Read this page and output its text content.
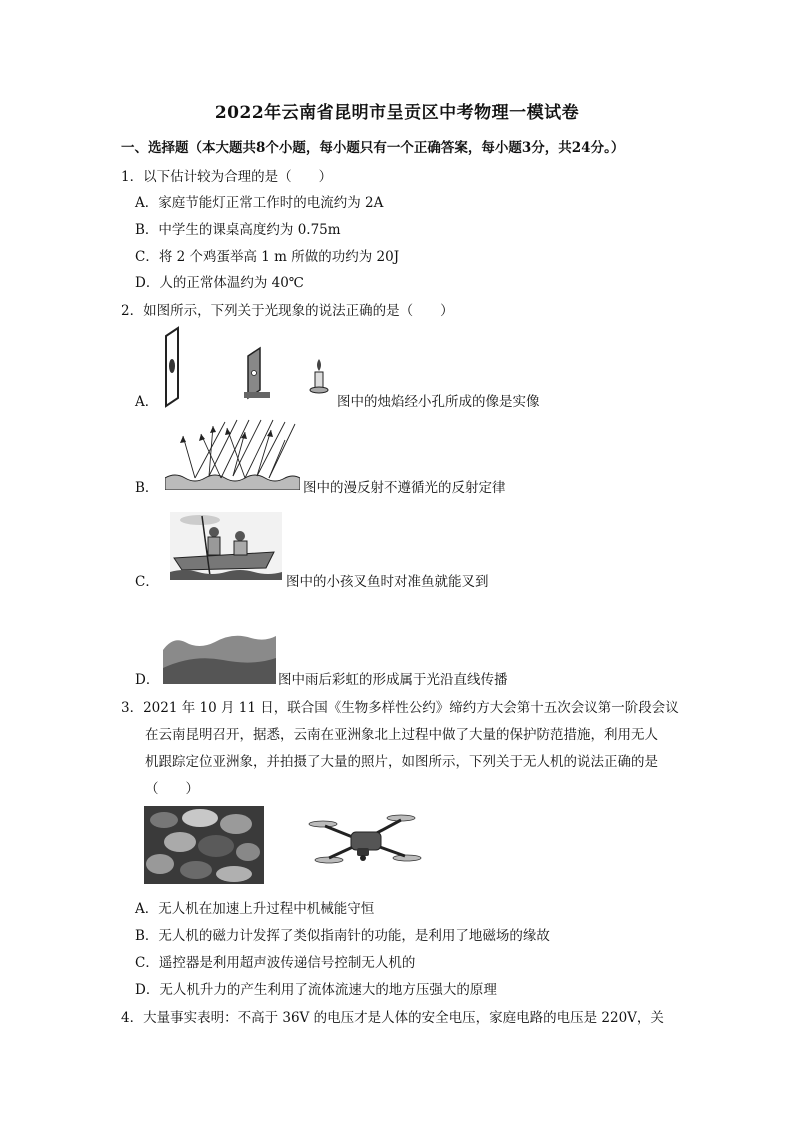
2022年云南省昆明市呈贡区中考物理一模试卷
一、选择题（本大题共8个小题，每小题只有一个正确答案，每小题3分，共24分。）
1．以下估计较为合理的是（　　）
A．家庭节能灯正常工作时的电流约为 2A
B．中学生的课桌高度约为 0.75m
C．将 2 个鸡蛋举高 1 m 所做的功约为 20J
D．人的正常体温约为 40℃
2．如图所示，下列关于光现象的说法正确的是（　　）
A．	图中的烛焰经小孔所成的像是实像
B．	图中的漫反射不遵循光的反射定律
C．	图中的小孩叉鱼时对准鱼就能叉到
D．	图中雨后彩虹的形成属于光沿直线传播
3．2021 年 10 月 11 日，联合国《生物多样性公约》缔约方大会第十五次会议第一阶段会议
在云南昆明召开，据悉，云南在亚洲象北上过程中做了大量的保护防范措施，利用无人
机跟踪定位亚洲象，并拍摄了大量的照片，如图所示，下列关于无人机的说法正确的是
（　　）
A．无人机在加速上升过程中机械能守恒
B．无人机的磁力计发挥了类似指南针的功能，是利用了地磁场的缘故
C．遥控器是利用超声波传递信号控制无人机的
D．无人机升力的产生利用了流体流速大的地方压强大的原理
4．大量事实表明：不高于 36V 的电压才是人体的安全电压，家庭电路的电压是 220V，关
